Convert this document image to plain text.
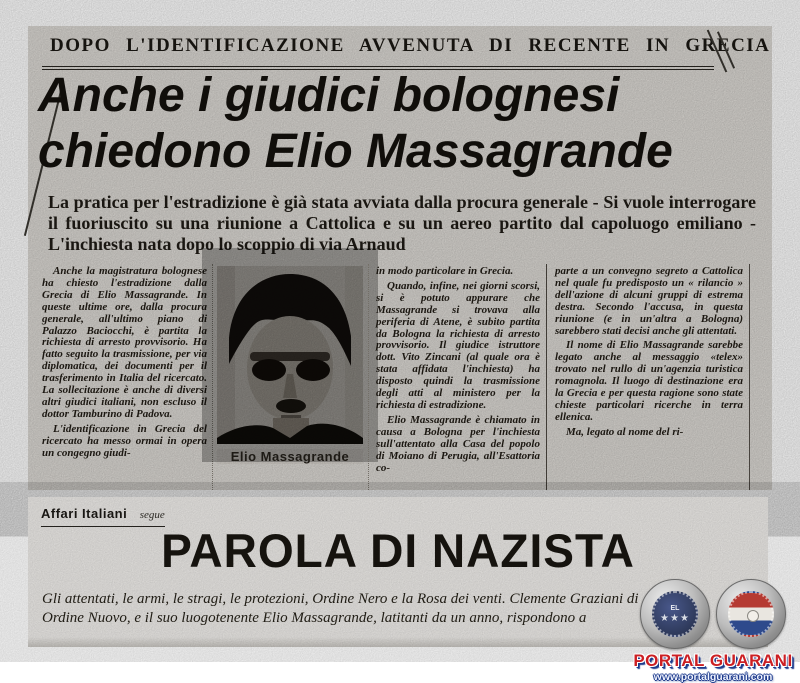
DOPO L'IDENTIFICAZIONE AVVENUTA DI RECENTE IN GRECIA
Anche i giudici bolognesi
chiedono Elio Massagrande
La pratica per l'estradizione è già stata avviata dalla procura generale - Si vuole interrogare il fuoriuscito su una riunione a Cattolica e su un aereo partito dal capoluogo emiliano - L'inchiesta nata dopo lo scoppio di via Arnaud

Anche la magistratura bolognese ha chiesto l'estradizione dalla Grecia di Elio Massagrande. In queste ultime ore, dalla procura generale, all'ultimo piano di Palazzo Baciocchi, è partita la richiesta di arresto provvisorio. Ha fatto seguito la trasmissione, per via diplomatica, dei documenti per il trasferimento in Italia del ricercato. La sollecitazione è anche di diversi altri giudici italiani, non escluso il dottor Tamburino di Padova.

L'identificazione in Grecia del ricercato ha messo ormai in opera un congegno giudi-	Elio Massagrande

in modo particolare in Grecia.

Quando, infine, nei giorni scorsi, si è potuto appurare che Massagrande si trovava alla periferia di Atene, è subito partita da Bologna la richiesta di arresto provvisorio. Il giudice istruttore dott. Vito Zincani (al quale ora è stata affidata l'inchiesta) ha disposto quindi la trasmissione degli atti al ministero per la richiesta di estradizione.

Elio Massagrande è chiamato in causa a Bologna per l'inchiesta sull'attentato alla Casa del popolo di Moiano di Perugia, all'Esattoria co-

parte a un convegno segreto a Cattolica nel quale fu predisposto un « rilancio » dell'azione di alcuni gruppi di estrema destra. Secondo l'accusa, in questa riunione (e in un'altra a Bologna) sarebbero stati decisi anche gli attentati.

Il nome di Elio Massagrande sarebbe legato anche al messaggio «telex» trovato nel rullo di un'agenzia turistica romagnola. Il luogo di destinazione era la Grecia e per questa ragione sono state chieste particolari ricerche in terra ellenica.

Ma, legato al nome del ri-

Affari Italiani segue
PAROLA DI NAZISTA

Gli attentati, le armi, le stragi, le protezioni, Ordine Nero e la Rosa dei venti. Clemente Graziani di

Ordine Nuovo, e il suo luogotenente Elio Massagrande, latitanti da un anno, rispondono a

EL
★★★
PORTAL GUARANI
www.portalguarani.com
